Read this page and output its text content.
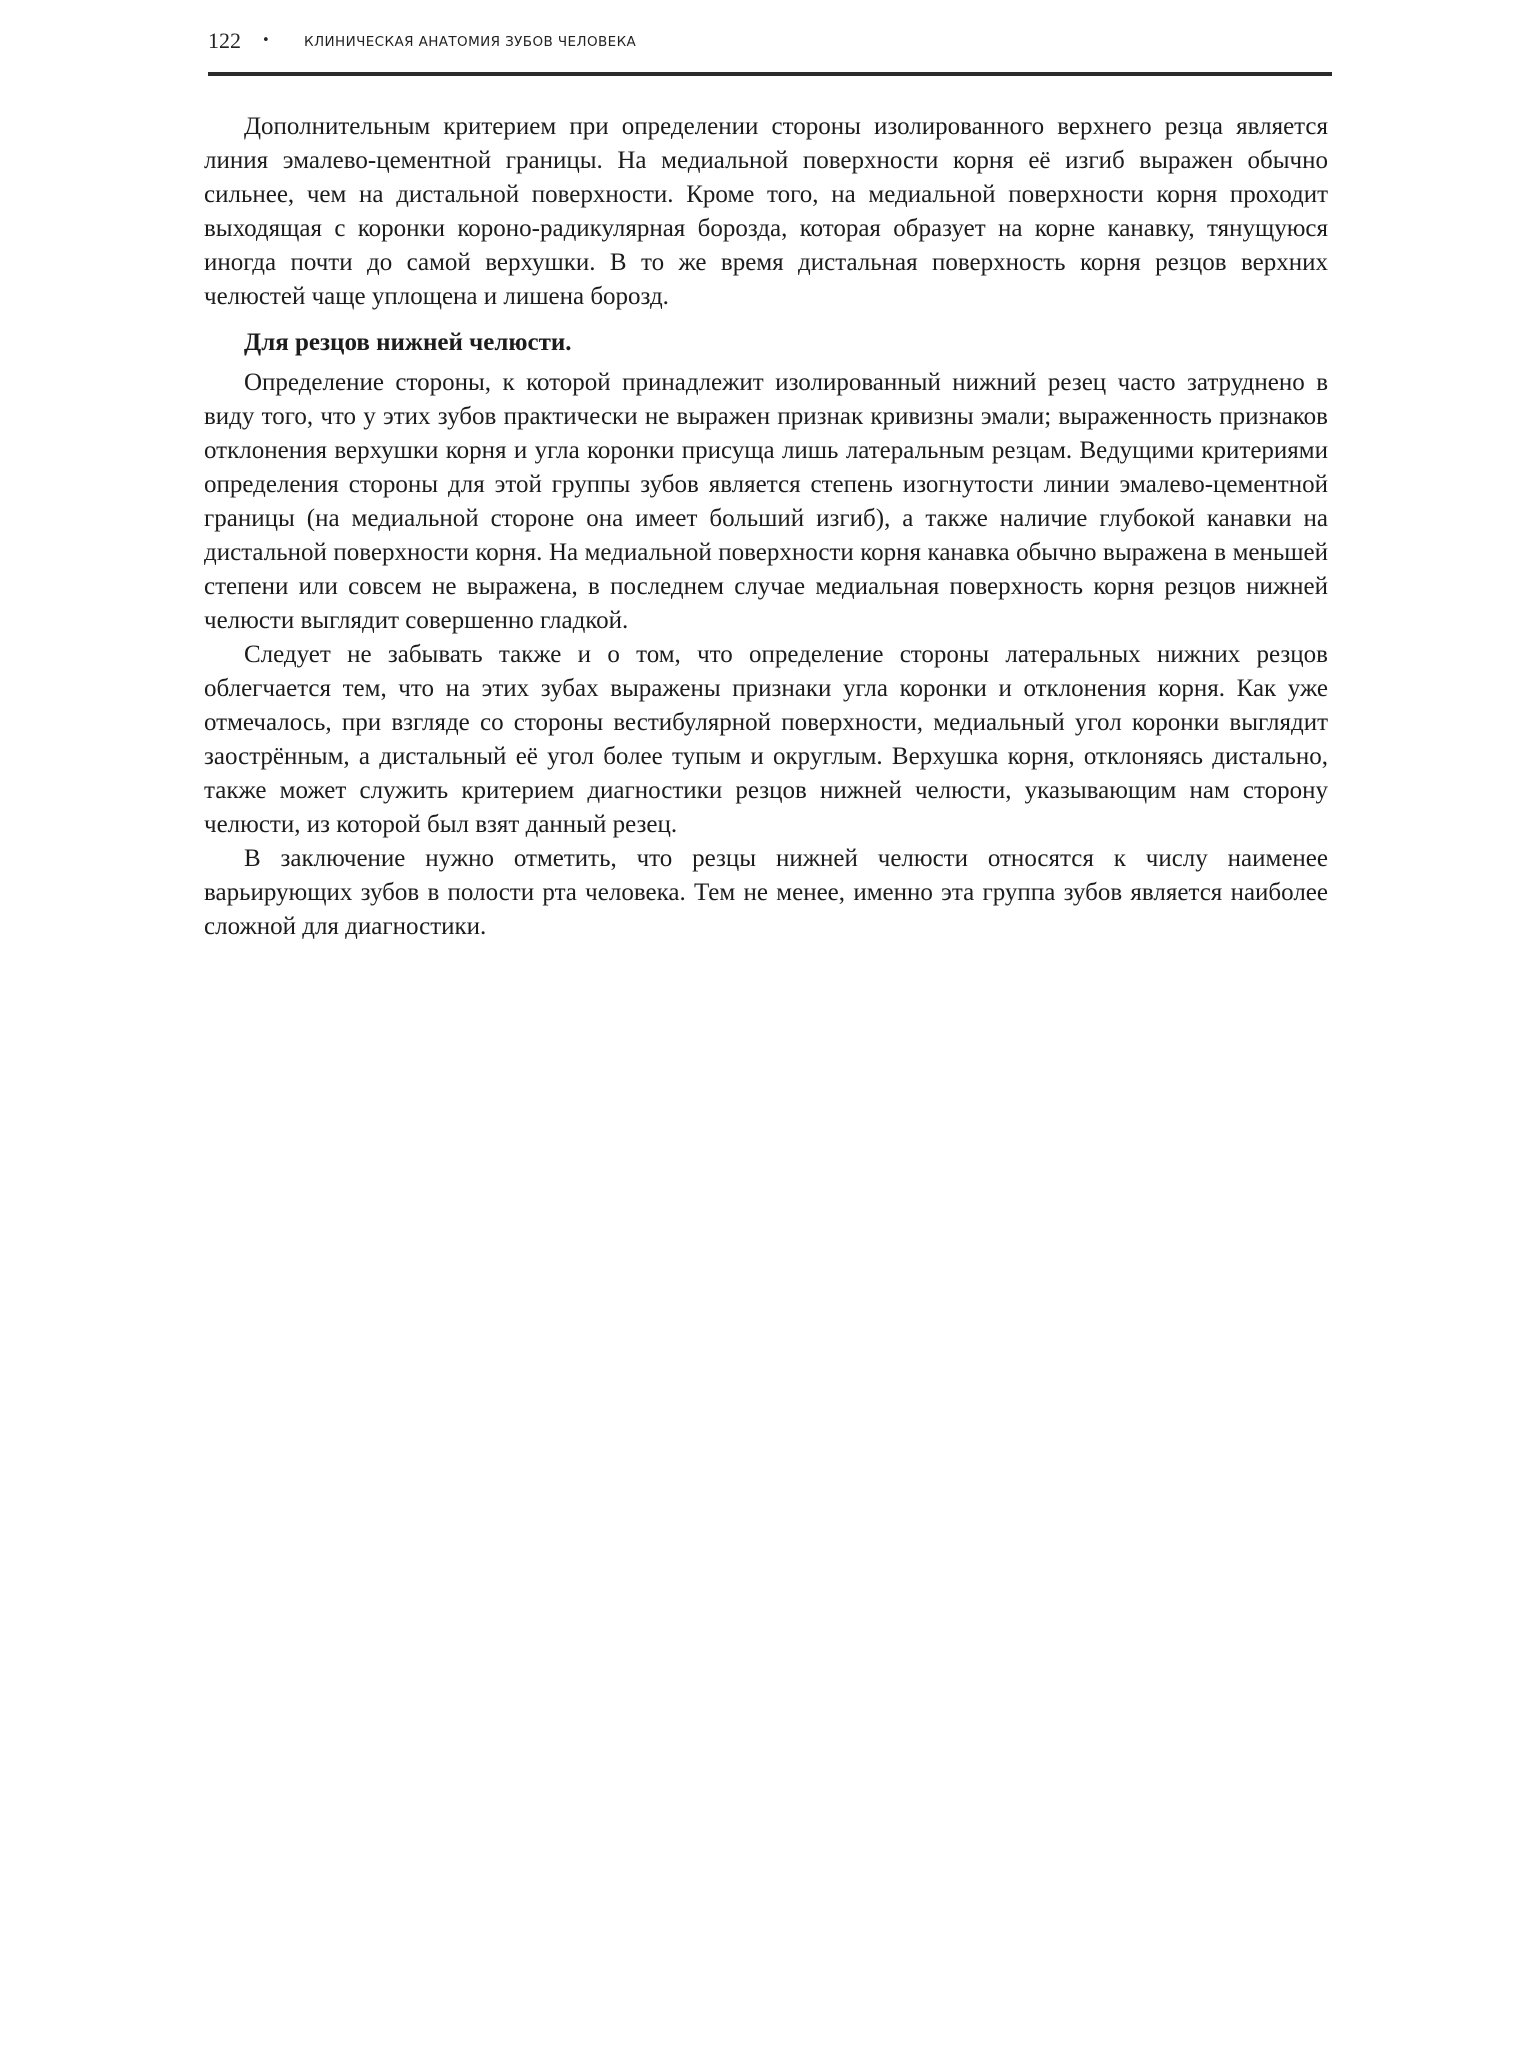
122 •	КЛИНИЧЕСКАЯ АНАТОМИЯ ЗУБОВ ЧЕЛОВЕКА

Дополнительным критерием при определении стороны изолированного верхнего резца является линия эмалево-цементной границы. На медиальной поверхности корня её изгиб выражен обычно сильнее, чем на дистальной поверхности. Кроме того, на медиальной поверхности корня проходит выходящая с коронки короно-радикулярная борозда, которая образует на корне канавку, тянущуюся иногда почти до самой верхушки. В то же время дистальная поверхность корня резцов верхних челюстей чаще уплощена и лишена борозд.

Для резцов нижней челюсти.

Определение стороны, к которой принадлежит изолированный нижний резец часто затруднено в виду того, что у этих зубов практически не выражен признак кривизны эмали; выраженность признаков отклонения верхушки корня и угла коронки присуща лишь латеральным резцам. Ведущими критериями определения стороны для этой группы зубов является степень изогнутости линии эмалево-цементной границы (на медиальной стороне она имеет больший изгиб), а также наличие глубокой канавки на дистальной поверхности корня. На медиальной поверхности корня канавка обычно выражена в меньшей степени или совсем не выражена, в последнем случае медиальная поверхность корня резцов нижней челюсти выглядит совершенно гладкой.

Следует не забывать также и о том, что определение стороны латеральных нижних резцов облегчается тем, что на этих зубах выражены признаки угла коронки и отклонения корня. Как уже отмечалось, при взгляде со стороны вестибулярной поверхности, медиальный угол коронки выглядит заострённым, а дистальный её угол более тупым и округлым. Верхушка корня, отклоняясь дистально, также может служить критерием диагностики резцов нижней челюсти, указывающим нам сторону челюсти, из которой был взят данный резец.

В заключение нужно отметить, что резцы нижней челюсти относятся к числу наименее варьирующих зубов в полости рта человека. Тем не менее, именно эта группа зубов является наиболее сложной для диагностики.
